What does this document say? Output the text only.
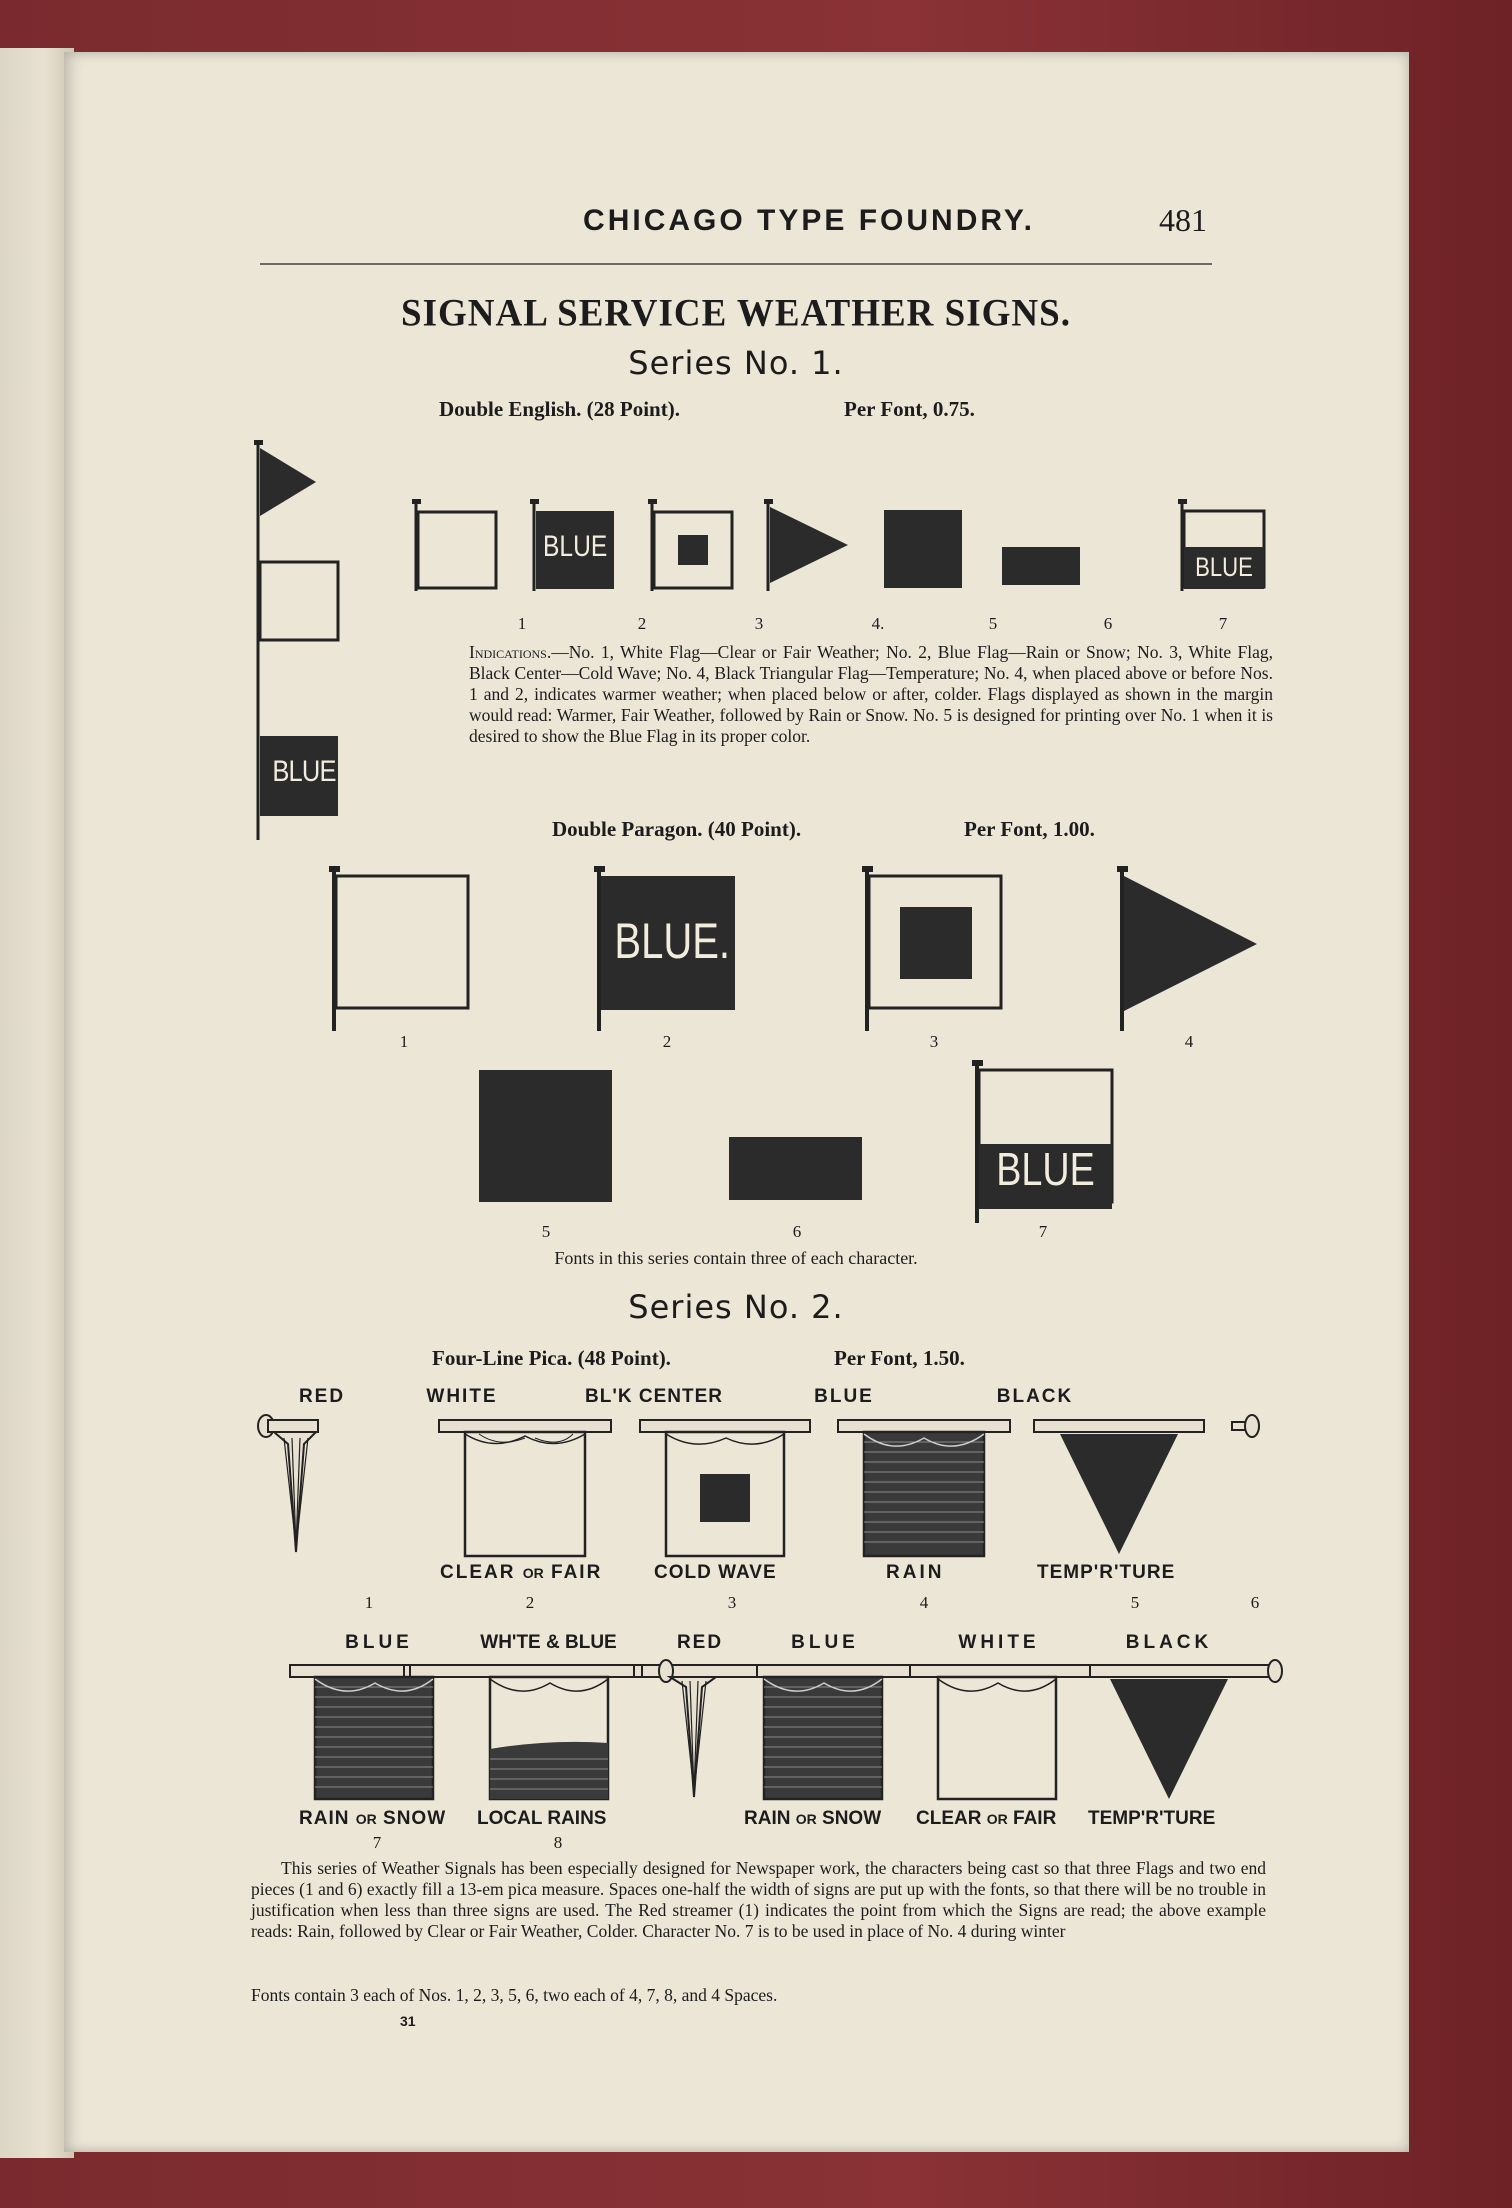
CHICAGO TYPE FOUNDRY.	481
SIGNAL SERVICE WEATHER SIGNS.
Series No. 1.
Double English. (28 Point).	Per Font, 0.75.
BLUE
BLUE
BLUE
1	2	3	4.	5	6	7
Indications.—No. 1, White Flag—Clear or Fair Weather; No. 2, Blue Flag—Rain or Snow; No. 3, White Flag, Black Center—Cold Wave; No. 4, Black Triangular Flag—Temperature; No. 4, when placed above or before Nos. 1 and 2, indicates warmer weather; when placed below or after, colder. Flags displayed as shown in the margin would read: Warmer, Fair Weather, followed by Rain or Snow. No. 5 is designed for printing over No. 1 when it is desired to show the Blue Flag in its proper color.
Double Paragon. (40 Point).	Per Font, 1.00.
BLUE.
1	2	3	4
BLUE
5	6	7
Fonts in this series contain three of each character.
Series No. 2.
Four-Line Pica. (48 Point).	Per Font, 1.50.
RED	WHITE	BL'K CENTER	BLUE	BLACK
CLEAR OR FAIR	COLD WAVE	RAIN	TEMP'R'TURE
1	2	3	4	5	6
BLUE	WH'TE & BLUE	RED	BLUE	WHITE	BLACK
RAIN OR SNOW LOCAL RAINS	RAIN OR SNOW CLEAR OR FAIR TEMP'R'TURE
7	8
This series of Weather Signals has been especially designed for Newspaper work, the characters being cast so that three Flags and two end pieces (1 and 6) exactly fill a 13-em pica measure. Spaces one-half the width of signs are put up with the fonts, so that there will be no trouble in justification when less than three signs are used. The Red streamer (1) indicates the point from which the Signs are read; the above example reads: Rain, followed by Clear or Fair Weather, Colder. Character No. 7 is to be used in place of No. 4 during winter
Fonts contain 3 each of Nos. 1, 2, 3, 5, 6, two each of 4, 7, 8, and 4 Spaces.
31
